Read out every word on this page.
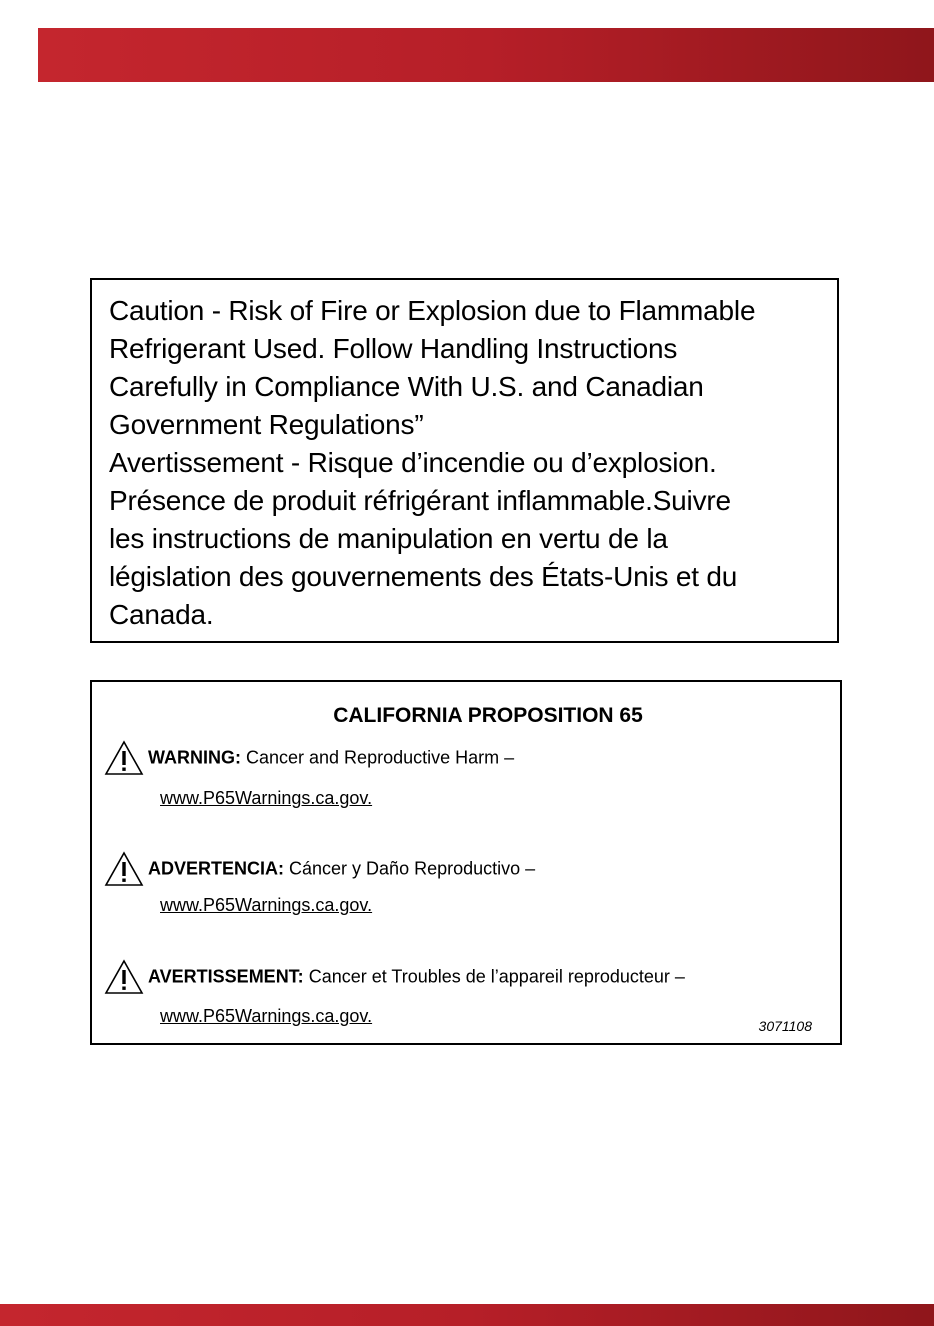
Caution - Risk of Fire or Explosion due to Flammable
Refrigerant Used. Follow Handling Instructions
Carefully in Compliance With U.S. and Canadian
Government Regulations”
Avertissement - Risque d’incendie ou d’explosion.
Présence de produit réfrigérant inflammable.Suivre
les instructions de manipulation en vertu de la
législation des gouvernements des États-Unis et du
Canada.
CALIFORNIA PROPOSITION 65
WARNING: Cancer and Reproductive Harm –
www.P65Warnings.ca.gov.
ADVERTENCIA: Cáncer y Daño Reproductivo –
www.P65Warnings.ca.gov.
AVERTISSEMENT: Cancer et Troubles de l’appareil reproducteur –
www.P65Warnings.ca.gov.	3071108
